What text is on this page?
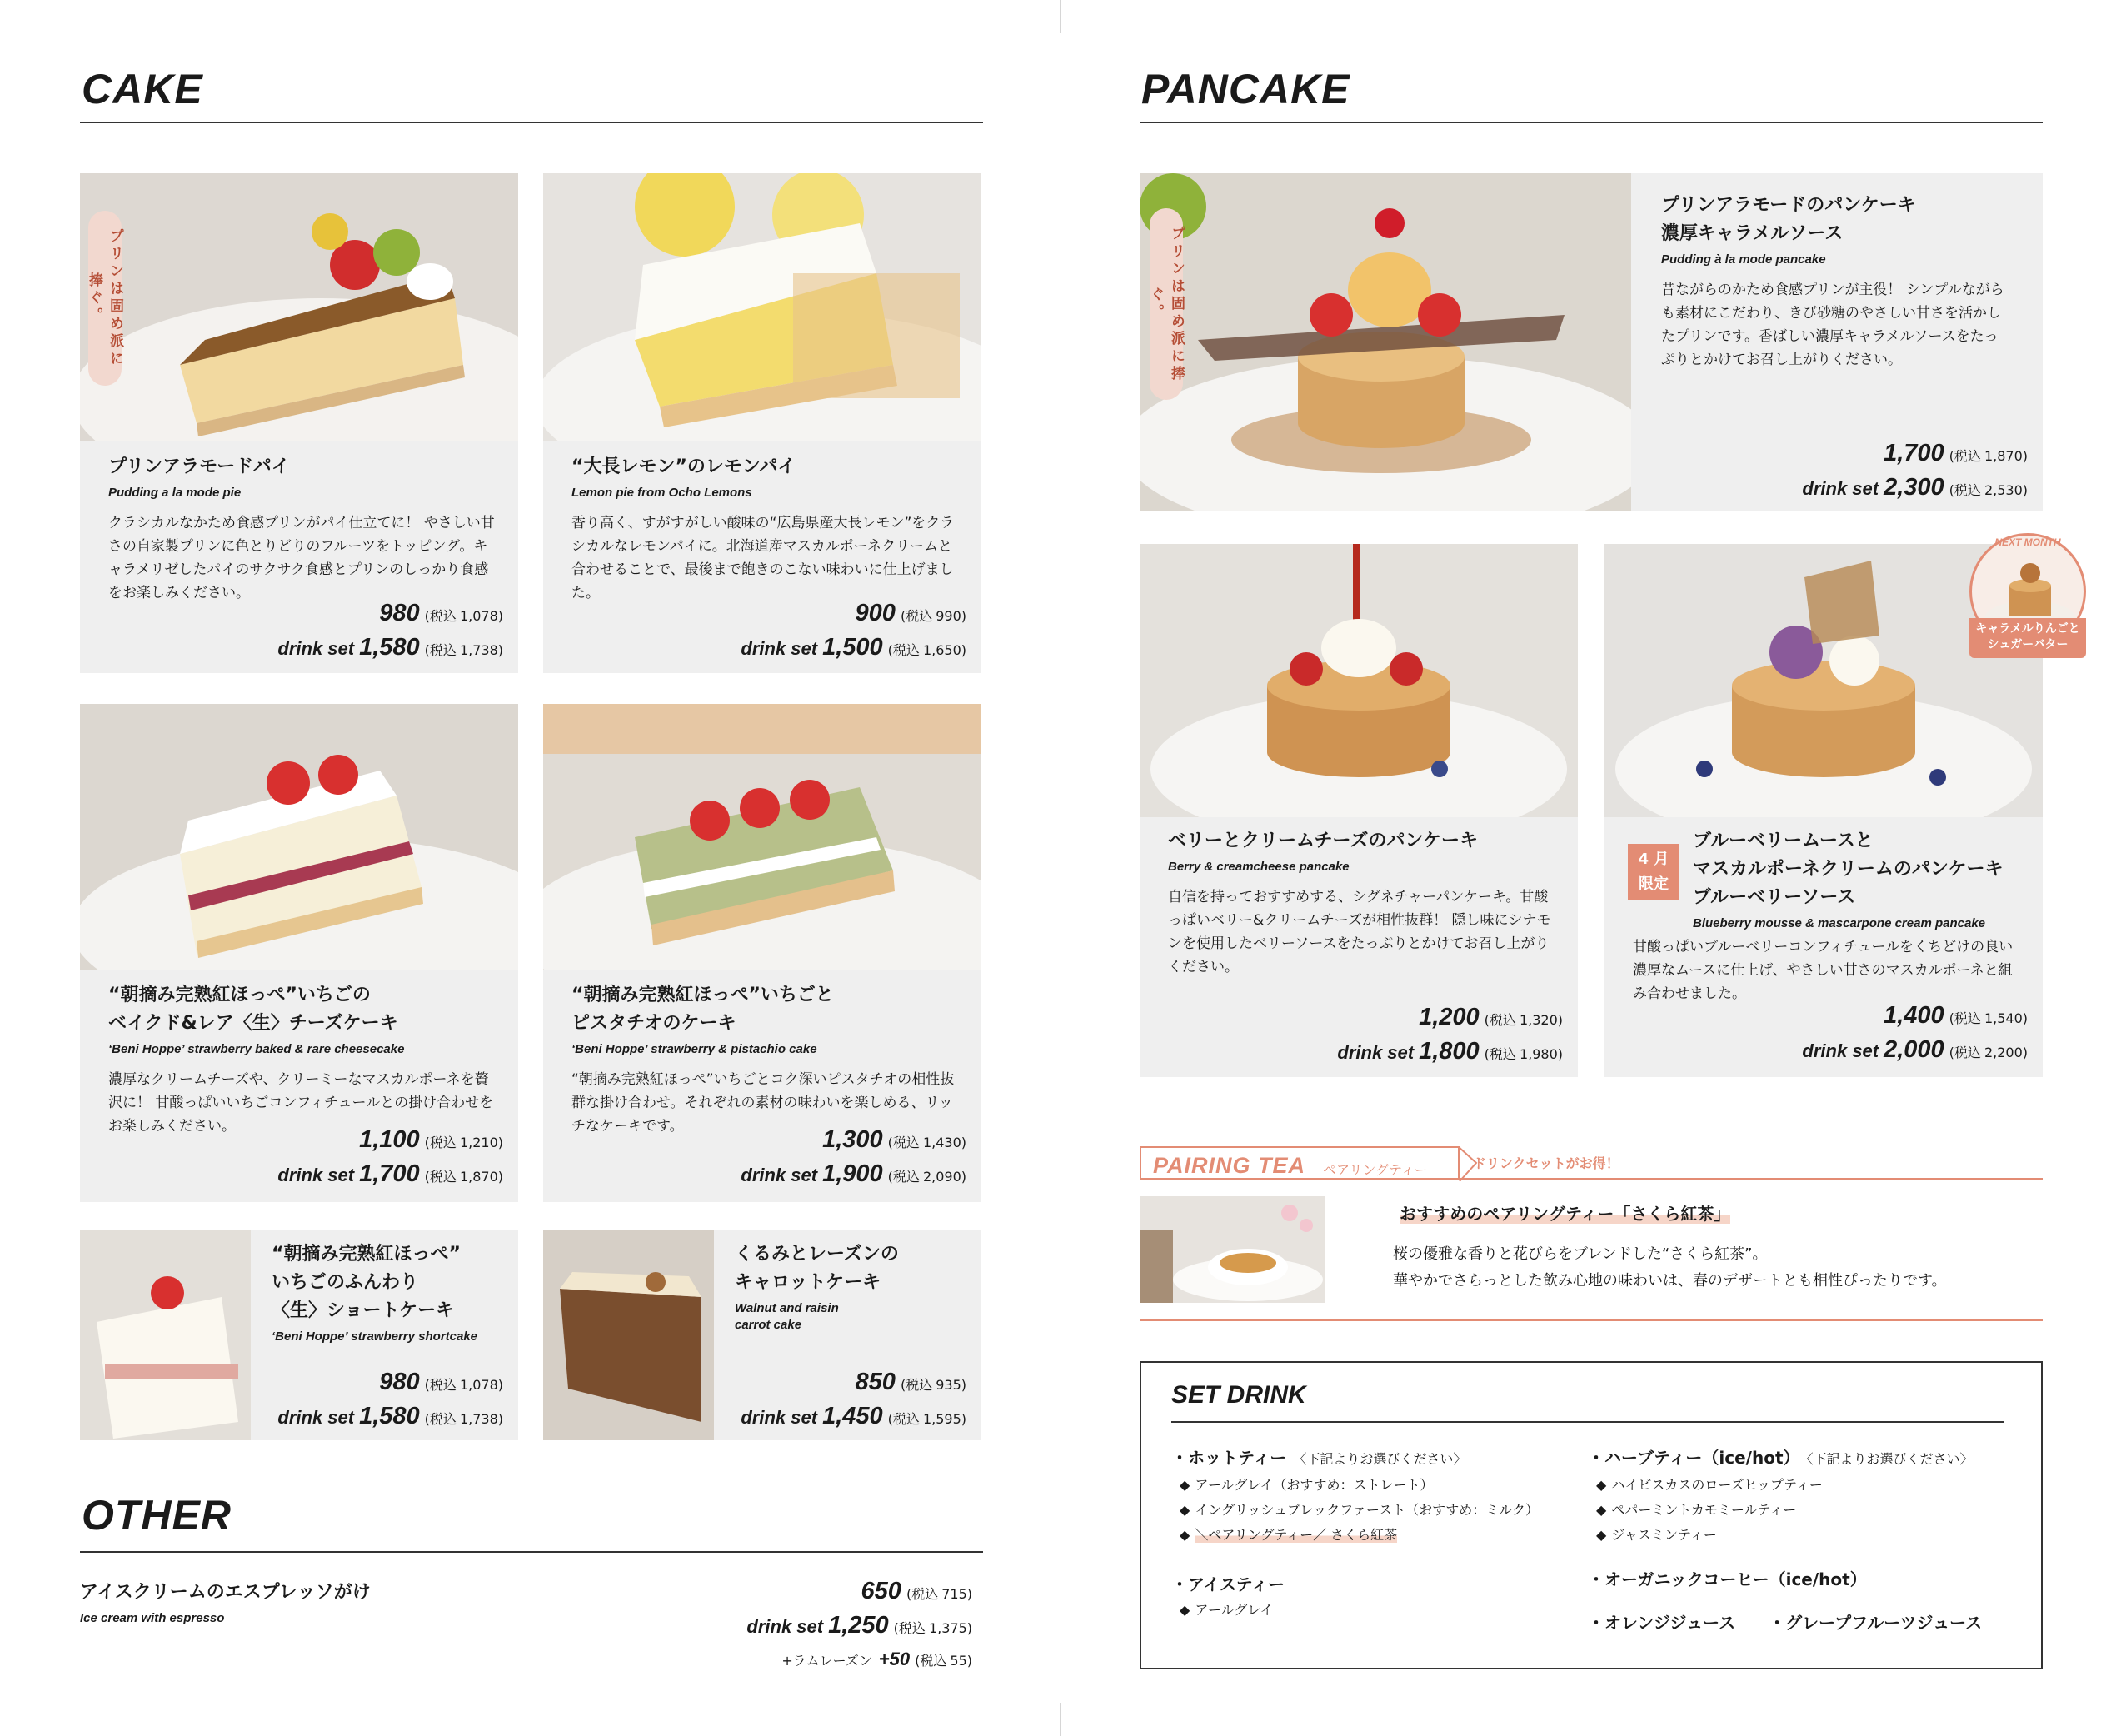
CAKE
プリンは固め派に捧ぐ。
プリンアラモードパイ
Pudding a la mode pie
クラシカルなかため食感プリンがパイ仕立てに！ やさしい甘さの自家製プリンに色とりどりのフルーツをトッピング。キャラメリゼしたパイのサクサク食感とプリンのしっかり食感をお楽しみください。
980 (税込 1,078)
drink set 1,580 (税込 1,738)
“大長レモン”のレモンパイ
Lemon pie from Ocho Lemons
香り高く、すがすがしい酸味の“広島県産大長レモン”をクラシカルなレモンパイに。北海道産マスカルポーネクリームと合わせることで、最後まで飽きのこない味わいに仕上げました。
900 (税込 990)
drink set 1,500 (税込 1,650)
“朝摘み完熟紅ほっぺ”いちごの
ベイクド&レア〈生〉チーズケーキ
‘Beni Hoppe’ strawberry baked & rare cheesecake
濃厚なクリームチーズや、クリーミーなマスカルポーネを贅沢に！ 甘酸っぱいいちごコンフィチュールとの掛け合わせをお楽しみください。	1,100 (税込 1,210)
drink set 1,700 (税込 1,870)
“朝摘み完熟紅ほっぺ”いちごと
ピスタチオのケーキ
‘Beni Hoppe’ strawberry & pistachio cake
“朝摘み完熟紅ほっぺ”いちごとコク深いピスタチオの相性抜群な掛け合わせ。それぞれの素材の味わいを楽しめる、リッチなケーキです。	1,300 (税込 1,430)
drink set 1,900 (税込 2,090)
“朝摘み完熟紅ほっぺ”
いちごのふんわり
〈生〉ショートケーキ
‘Beni Hoppe’ strawberry shortcake
980 (税込 1,078)
drink set 1,580 (税込 1,738)
くるみとレーズンの
キャロットケーキ
Walnut and raisin
carrot cake
850 (税込 935)
drink set 1,450 (税込 1,595)
OTHER
アイスクリームのエスプレッソがけ
Ice cream with espresso
650 (税込 715)
drink set 1,250 (税込 1,375)
+ラムレーズン +50 (税込 55)
PANCAKE
プリンは固め派に捧ぐ。
プリンアラモードのパンケーキ
濃厚キャラメルソース
Pudding à la mode pancake
昔ながらのかため食感プリンが主役！ シンプルながらも素材にこだわり、きび砂糖のやさしい甘さを活かしたプリンです。香ばしい濃厚キャラメルソースをたっぷりとかけてお召し上がりください。
1,700 (税込 1,870)
drink set 2,300 (税込 2,530)
ベリーとクリームチーズのパンケーキ
Berry & creamcheese pancake
自信を持っておすすめする、シグネチャーパンケーキ。甘酸っぱいベリー&クリームチーズが相性抜群！ 隠し味にシナモンを使用したベリーソースをたっぷりとかけてお召し上がりください。
1,200 (税込 1,320)
drink set 1,800 (税込 1,980)
4 月
限定
ブルーベリームースと
マスカルポーネクリームのパンケーキ
ブルーベリーソース
Blueberry mousse & mascarpone cream pancake
甘酸っぱいブルーベリーコンフィチュールをくちどけの良い濃厚なムースに仕上げ、やさしい甘さのマスカルポーネと組み合わせました。
1,400 (税込 1,540)
drink set 2,000 (税込 2,200)
NEXT MONTH
キャラメルりんごと
シュガーバター
PAIRING TEA ペアリングティー	ドリンクセットがお得！
おすすめのペアリングティー「さくら紅茶」
桜の優雅な香りと花びらをブレンドした“さくら紅茶”。
華やかでさらっとした飲み心地の味わいは、春のデザートとも相性ぴったりです。
SET DRINK
・ホットティー 〈下記よりお選びください〉
◆ アールグレイ（おすすめ：ストレート）
◆ イングリッシュブレックファースト（おすすめ：ミルク）
◆ ＼ペアリングティー／ さくら紅茶
・アイスティー
◆ アールグレイ
・ハーブティー（ice/hot） 〈下記よりお選びください〉
◆ ハイビスカスのローズヒップティー
◆ ペパーミントカモミールティー
◆ ジャスミンティー
・オーガニックコーヒー（ice/hot）
・オレンジジュース ・グレープフルーツジュース
